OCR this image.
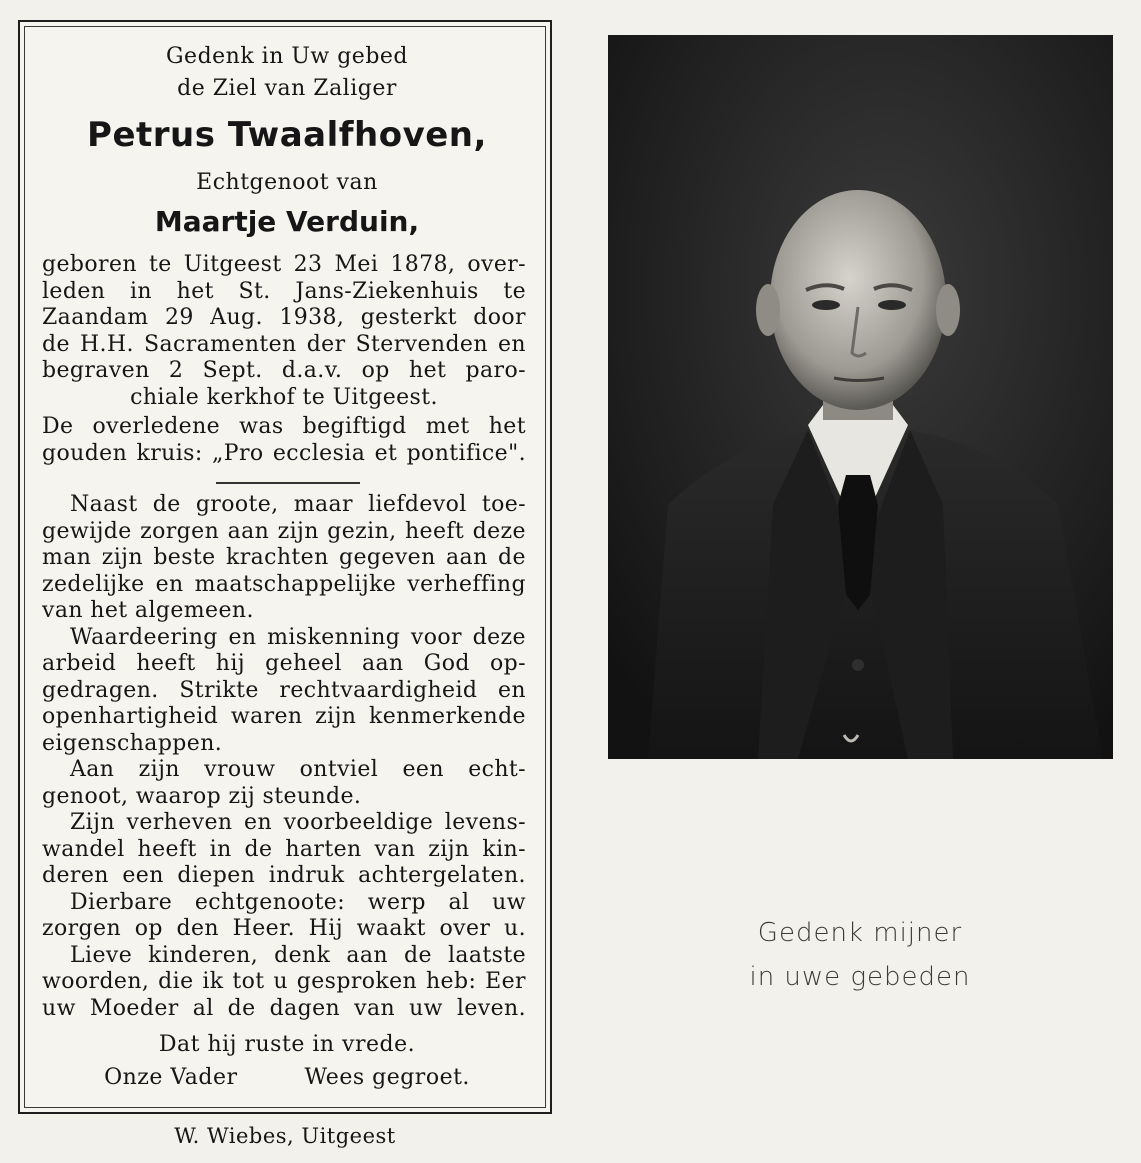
Gedenk in Uw gebed
de Ziel van Zaliger
Petrus Twaalfhoven,
Echtgenoot van
Maartje Verduin,
geboren te Uitgeest 23 Mei 1878, over-
leden in het St. Jans-Ziekenhuis te
Zaandam 29 Aug. 1938, gesterkt door
de H.H. Sacramenten der Stervenden en
begraven 2 Sept. d.a.v. op het paro-
chiale kerkhof te Uitgeest.
De overledene was begiftigd met het
gouden kruis: „Pro ecclesia et pontifice".
Naast de groote, maar liefdevol toe-
gewijde zorgen aan zijn gezin, heeft deze
man zijn beste krachten gegeven aan de
zedelijke en maatschappelijke verheffing
van het algemeen.
Waardeering en miskenning voor deze
arbeid heeft hij geheel aan God op-
gedragen. Strikte rechtvaardigheid en
openhartigheid waren zijn kenmerkende
eigenschappen.
Aan zijn vrouw ontviel een echt-
genoot, waarop zij steunde.
Zijn verheven en voorbeeldige levens-
wandel heeft in de harten van zijn kin-
deren een diepen indruk achtergelaten.
Dierbare echtgenoote: werp al uw
zorgen op den Heer. Hij waakt over u.
Lieve kinderen, denk aan de laatste
woorden, die ik tot u gesproken heb: Eer
uw Moeder al de dagen van uw leven.
Dat hij ruste in vrede.
Onze Vader	Wees gegroet.
W. Wiebes, Uitgeest
Gedenk mijner
in uwe gebeden
